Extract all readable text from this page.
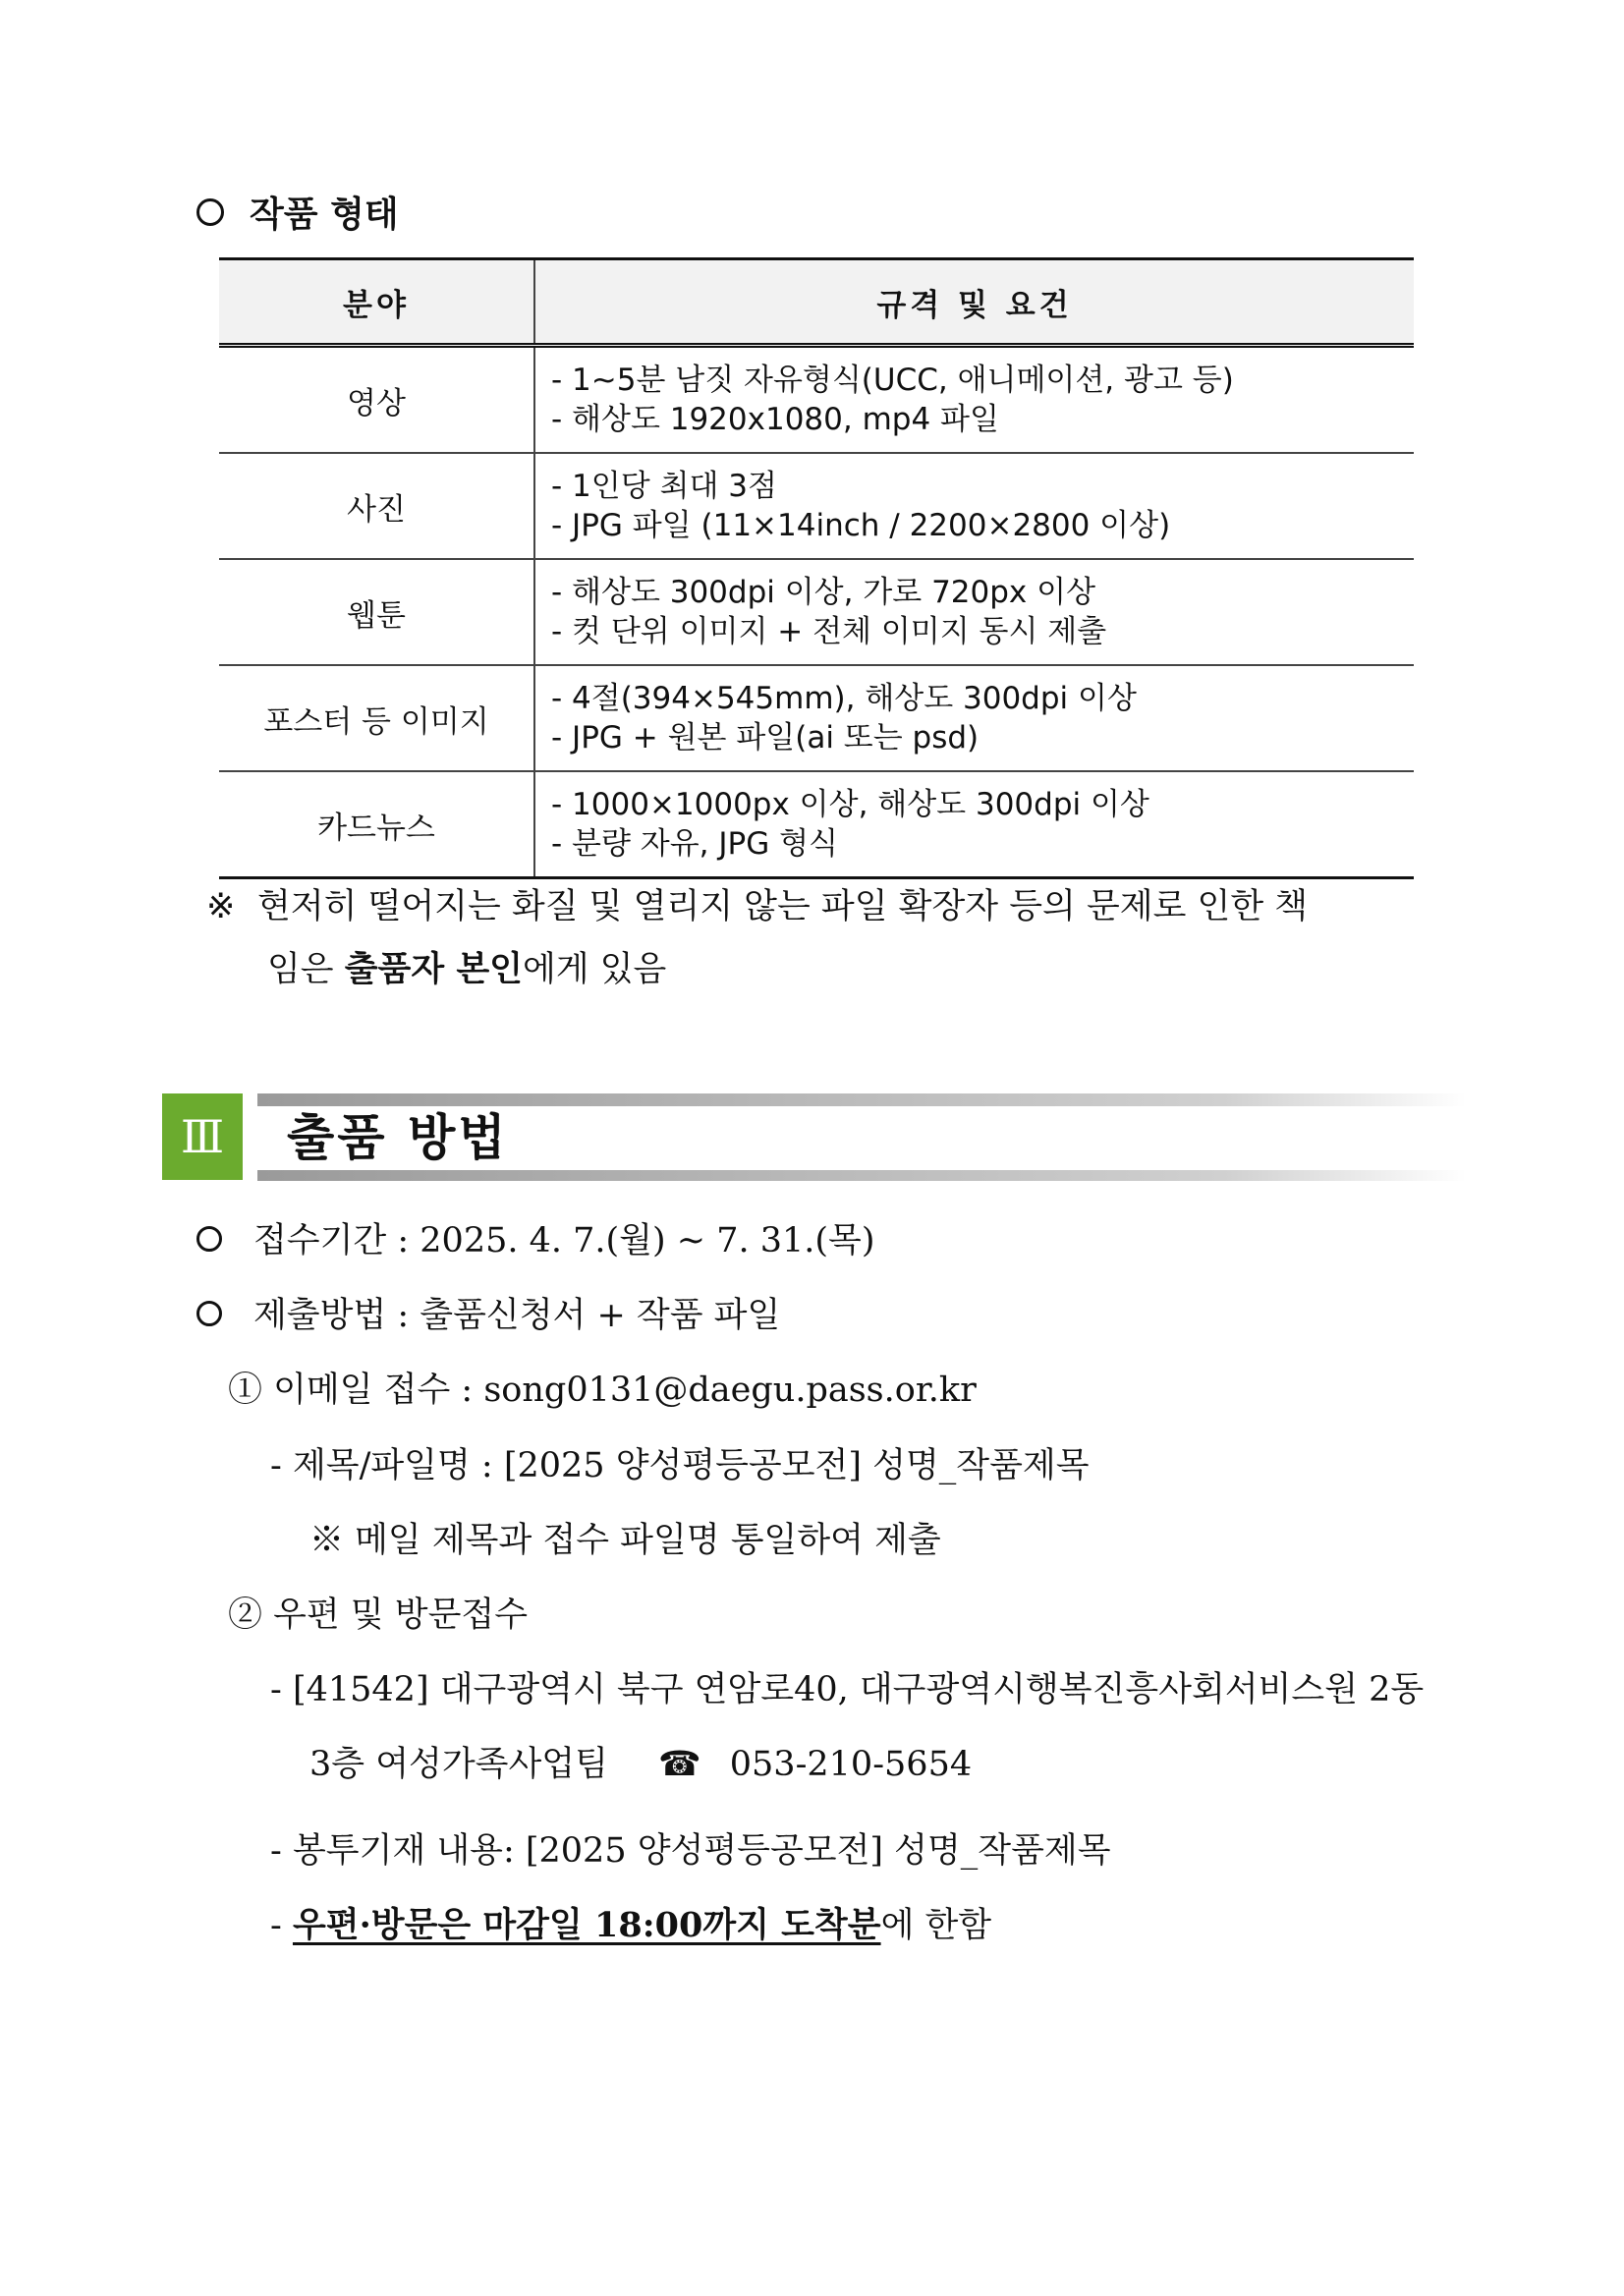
작품 형태
분야	규격 및 요건
영상	- 1~5분 남짓 자유형식(UCC, 애니메이션, 광고 등)
- 해상도 1920x1080, mp4 파일

사진	- 1인당 최대 3점
- JPG 파일 (11×14inch / 2200×2800 이상)

웹툰	- 해상도 300dpi 이상, 가로 720px 이상
- 컷 단위 이미지 + 전체 이미지 동시 제출

포스터 등 이미지	- 4절(394×545mm), 해상도 300dpi 이상
- JPG + 원본 파일(ai 또는 psd)

카드뉴스	- 1000×1000px 이상, 해상도 300dpi 이상
- 분량 자유, JPG 형식
※ 현저히 떨어지는 화질 및 열리지 않는 파일 확장자 등의 문제로 인한 책
임은 출품자 본인에게 있음
Ⅲ	출품 방법
접수기간 : 2025. 4. 7.(월) ~ 7. 31.(목)
제출방법 : 출품신청서 + 작품 파일
① 이메일 접수 : song0131@daegu.pass.or.kr
- 제목/파일명 : [2025 양성평등공모전] 성명_작품제목
※ 메일 제목과 접수 파일명 통일하여 제출
② 우편 및 방문접수
- [41542] 대구광역시 북구 연암로40, 대구광역시행복진흥사회서비스원 2동
3층 여성가족사업팀 ☎ 053-210-5654
- 봉투기재 내용: [2025 양성평등공모전] 성명_작품제목
- 우편·방문은 마감일 18:00까지 도착분에 한함
